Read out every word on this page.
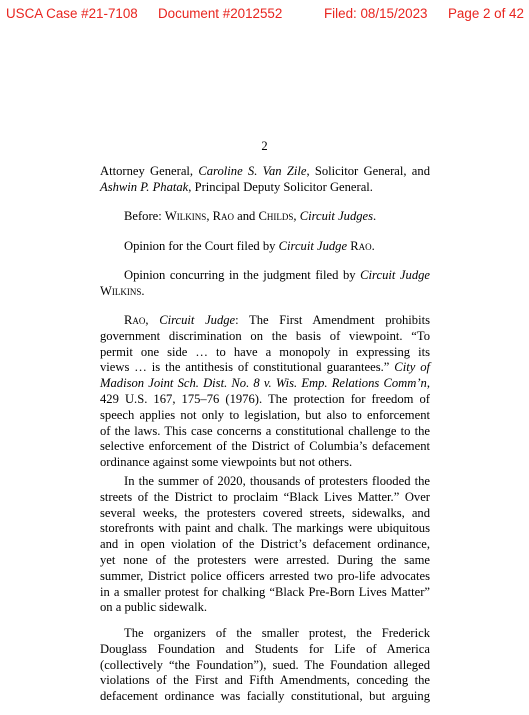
USCA Case #21-7108 Document #2012552	Filed: 08/15/2023 Page 2 of 42
2
Attorney General, Caroline S. Van Zile, Solicitor General, and
Ashwin P. Phatak, Principal Deputy Solicitor General.
Before: Wilkins, Rao and Childs, Circuit Judges.
Opinion for the Court filed by Circuit Judge Rao.
Opinion concurring in the judgment filed by Circuit Judge
Wilkins.
Rao, Circuit Judge: The First Amendment prohibits
government discrimination on the basis of viewpoint. “To
permit one side … to have a monopoly in expressing its
views … is the antithesis of constitutional guarantees.” City of
Madison Joint Sch. Dist. No. 8 v. Wis. Emp. Relations Comm’n,
429 U.S. 167, 175–76 (1976). The protection for freedom of
speech applies not only to legislation, but also to enforcement
of the laws. This case concerns a constitutional challenge to the
selective enforcement of the District of Columbia’s defacement
ordinance against some viewpoints but not others.
In the summer of 2020, thousands of protesters flooded the
streets of the District to proclaim “Black Lives Matter.” Over
several weeks, the protesters covered streets, sidewalks, and
storefronts with paint and chalk. The markings were ubiquitous
and in open violation of the District’s defacement ordinance,
yet none of the protesters were arrested. During the same
summer, District police officers arrested two pro-life advocates
in a smaller protest for chalking “Black Pre-Born Lives Matter”
on a public sidewalk.
The organizers of the smaller protest, the Frederick
Douglass Foundation and Students for Life of America
(collectively “the Foundation”), sued. The Foundation alleged
violations of the First and Fifth Amendments, conceding the
defacement ordinance was facially constitutional, but arguing
